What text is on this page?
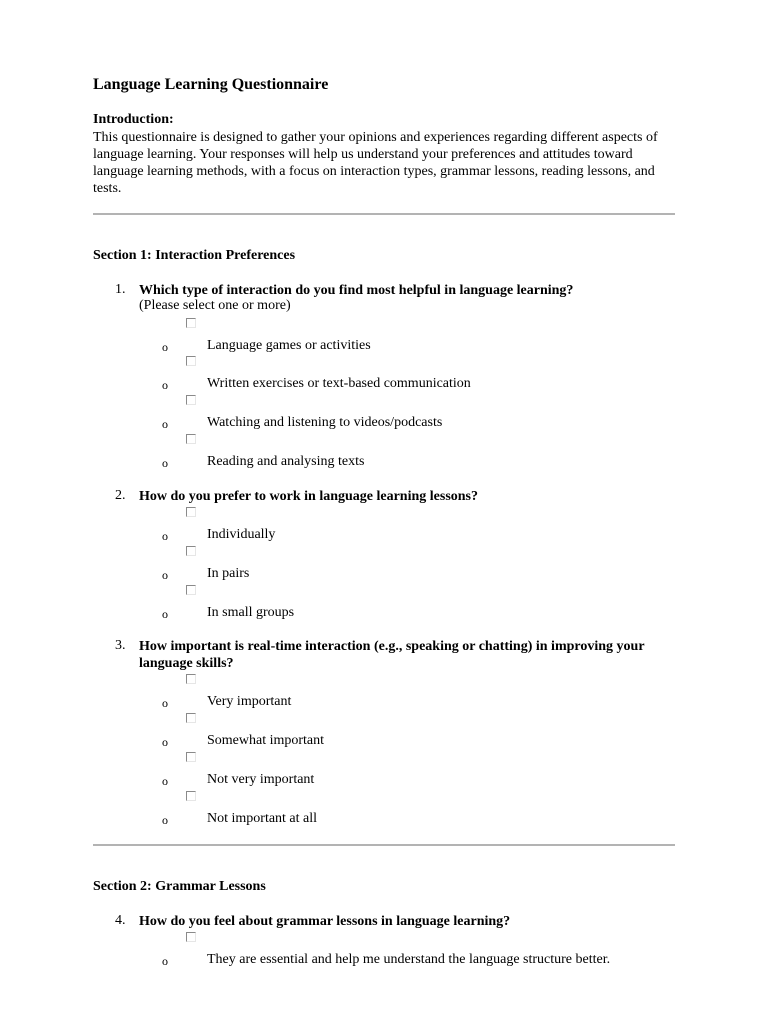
Language Learning Questionnaire
Introduction:
This questionnaire is designed to gather your opinions and experiences regarding different aspects of language learning. Your responses will help us understand your preferences and attitudes toward language learning methods, with a focus on interaction types, grammar lessons, reading lessons, and tests.
Section 1: Interaction Preferences
1. Which type of interaction do you find most helpful in language learning?
(Please select one or more)
o	Language games or activities
o	Written exercises or text-based communication
o	Watching and listening to videos/podcasts
o	Reading and analysing texts
2. How do you prefer to work in language learning lessons?
o	Individually
o	In pairs
o	In small groups
3. How important is real-time interaction (e.g., speaking or chatting) in improving your language skills?
o	Very important
o	Somewhat important
o	Not very important
o	Not important at all
Section 2: Grammar Lessons
4. How do you feel about grammar lessons in language learning?
o	They are essential and help me understand the language structure better.
